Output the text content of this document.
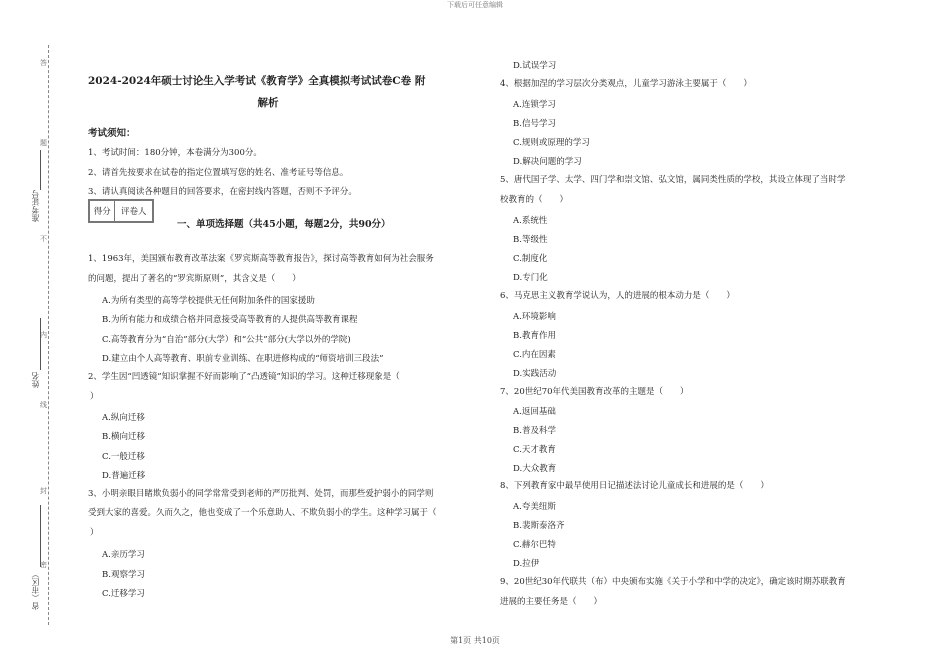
下载后可任意编辑
答
题
不
内
线
封
密
准考证号
姓名
省（市区）
2024-2024年硕士讨论生入学考试《教育学》全真模拟考试试卷C卷 附
解析
考试须知：
1、考试时间：180分钟，本卷满分为300分。
2、请首先按要求在试卷的指定位置填写您的姓名、准考证号等信息。
3、请认真阅读各种题目的回答要求，在密封线内答题，否则不予评分。
得分	评卷人
一、单项选择题（共45小题，每题2分，共90分）
1、1963年，美国颁布教育改革法案《罗宾斯高等教育报告》，探讨高等教育如何为社会服务
的问题，提出了著名的“罗宾斯原则”，其含义是（　　）
A.为所有类型的高等学校提供无任何附加条件的国家援助
B.为所有能力和成绩合格并同意接受高等教育的人提供高等教育课程
C.高等教育分为“自治”部分(大学）和“公共”部分(大学以外的学院)
D.建立由个人高等教育、职前专业训练、在职进修构成的“师资培训三段法”
2、学生因“凹透镜”知识掌握不好而影响了“凸透镜”知识的学习。这种迁移现象是（
）
A.纵向迁移
B.横向迁移
C.一般迁移
D.普遍迁移
3、小明亲眼目睹欺负弱小的同学常常受到老师的严厉批判、处罚，而那些爱护弱小的同学则
受到大家的喜爱。久而久之，他也变成了一个乐意助人、不欺负弱小的学生。这种学习属于（
）
A.亲历学习
B.观察学习
C.迁移学习
D.试误学习
4、根据加涅的学习层次分类观点，儿童学习游泳主要属于（　　）
A.连锁学习
B.信号学习
C.规则或原理的学习
D.解决问题的学习
5、唐代国子学、太学、四门学和崇文馆、弘文馆，属同类性质的学校，其设立体现了当时学
校教育的（　　）
A.系统性
B.等级性
C.制度化
D.专门化
6、马克思主义教育学说认为，人的进展的根本动力是（　　）
A.环境影响
B.教育作用
C.内在因素
D.实践活动
7、20世纪70年代美国教育改革的主题是（　　）
A.返回基础
B.普及科学
C.天才教育
D.大众教育
8、下列教育家中最早使用日记描述法讨论儿童成长和进展的是（　　）
A.夸美纽斯
B.裴斯泰洛齐
C.赫尔巴特
D.拉伊
9、20世纪30年代联共（布）中央颁布实施《关于小学和中学的决定》，确定该时期苏联教育
进展的主要任务是（　　）
第1页 共10页
